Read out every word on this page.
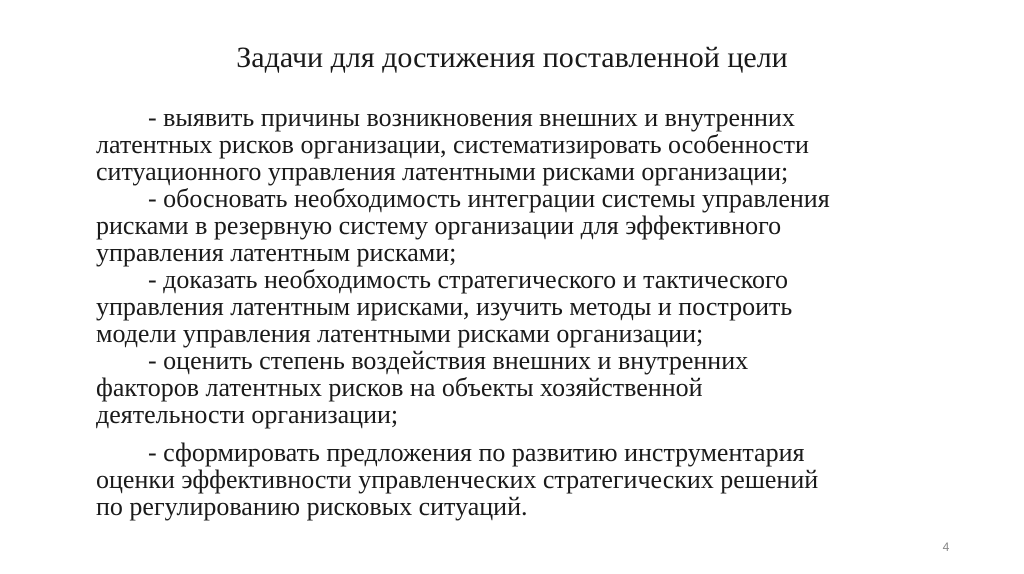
Задачи для достижения поставленной цели

- выявить причины возникновения внешних и внутренних
латентных рисков организации, систематизировать особенности
ситуационного управления латентными рисками организации;

- обосновать необходимость интеграции системы управления
рисками в резервную систему организации для эффективного
управления латентным рисками;

- доказать необходимость стратегического и тактического
управления латентным ирисками, изучить методы и построить
модели управления латентными рисками организации;

- оценить степень воздействия внешних и внутренних
факторов латентных рисков на объекты хозяйственной
деятельности организации;

- сформировать предложения по развитию инструментария
оценки эффективности управленческих стратегических решений
по регулированию рисковых ситуаций.

4
